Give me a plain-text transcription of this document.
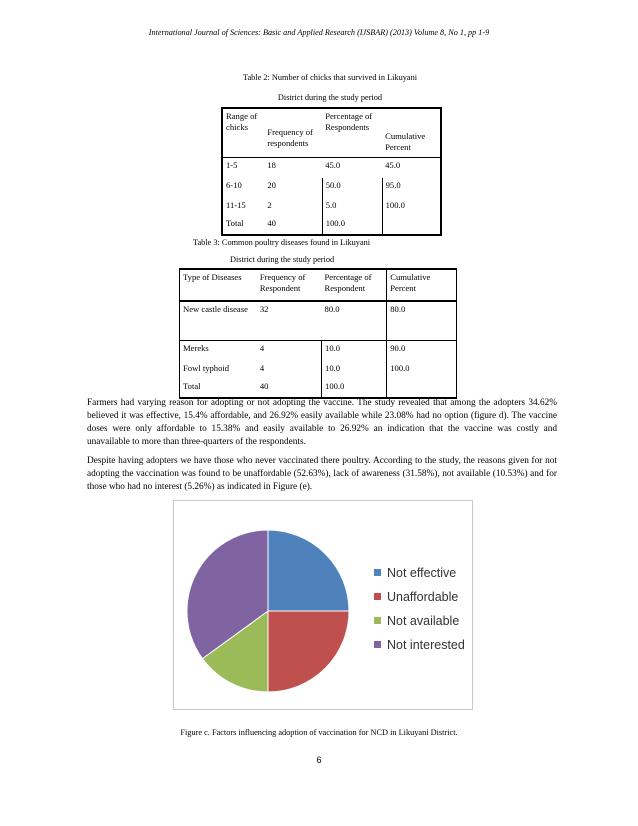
International Journal of Sciences: Basic and Applied Research (IJSBAR) (2013) Volume 8, No 1, pp 1-9
Table 2: Number of chicks that survived in Likuyani
District during the study period
Range of chicks	Frequency of respondents	Percentage of Respondents	Cumulative Percent
1-5	18	45.0	45.0
6-10	20	50.0	95.0
11-15	2	5.0	100.0
Total	40	100.0	
Table 3: Common poultry diseases found in Likuyani
District during the study period
Type of Diseases	Frequency of Respondent	Percentage of Respondent	Cumulative Percent
New castle disease	32	80.0	80.0
Mereks	4	10.0	90.0
Fowl typhoid	4	10.0	100.0
Total	40	100.0	
Farmers had varying reason for adopting or not adopting the vaccine. The study revealed that among the adopters 34.62% believed it was effective, 15.4% affordable, and 26.92% easily available while 23.08% had no option (figure d). The vaccine doses were only affordable to 15.38% and easily available to 26.92% an indication that the vaccine was costly and unavailable to more than three-quarters of the respondents.
Despite having adopters we have those who never vaccinated there poultry. According to the study, the reasons given for not adopting the vaccination was found to be unaffordable (52.63%), lack of awareness (31.58%), not available (10.53%) and for those who had no interest (5.26%) as indicated in Figure (e).
Not effective
Unaffordable
Not available
Not interested
Figure c. Factors influencing adoption of vaccination for NCD in Likuyani District.
6
